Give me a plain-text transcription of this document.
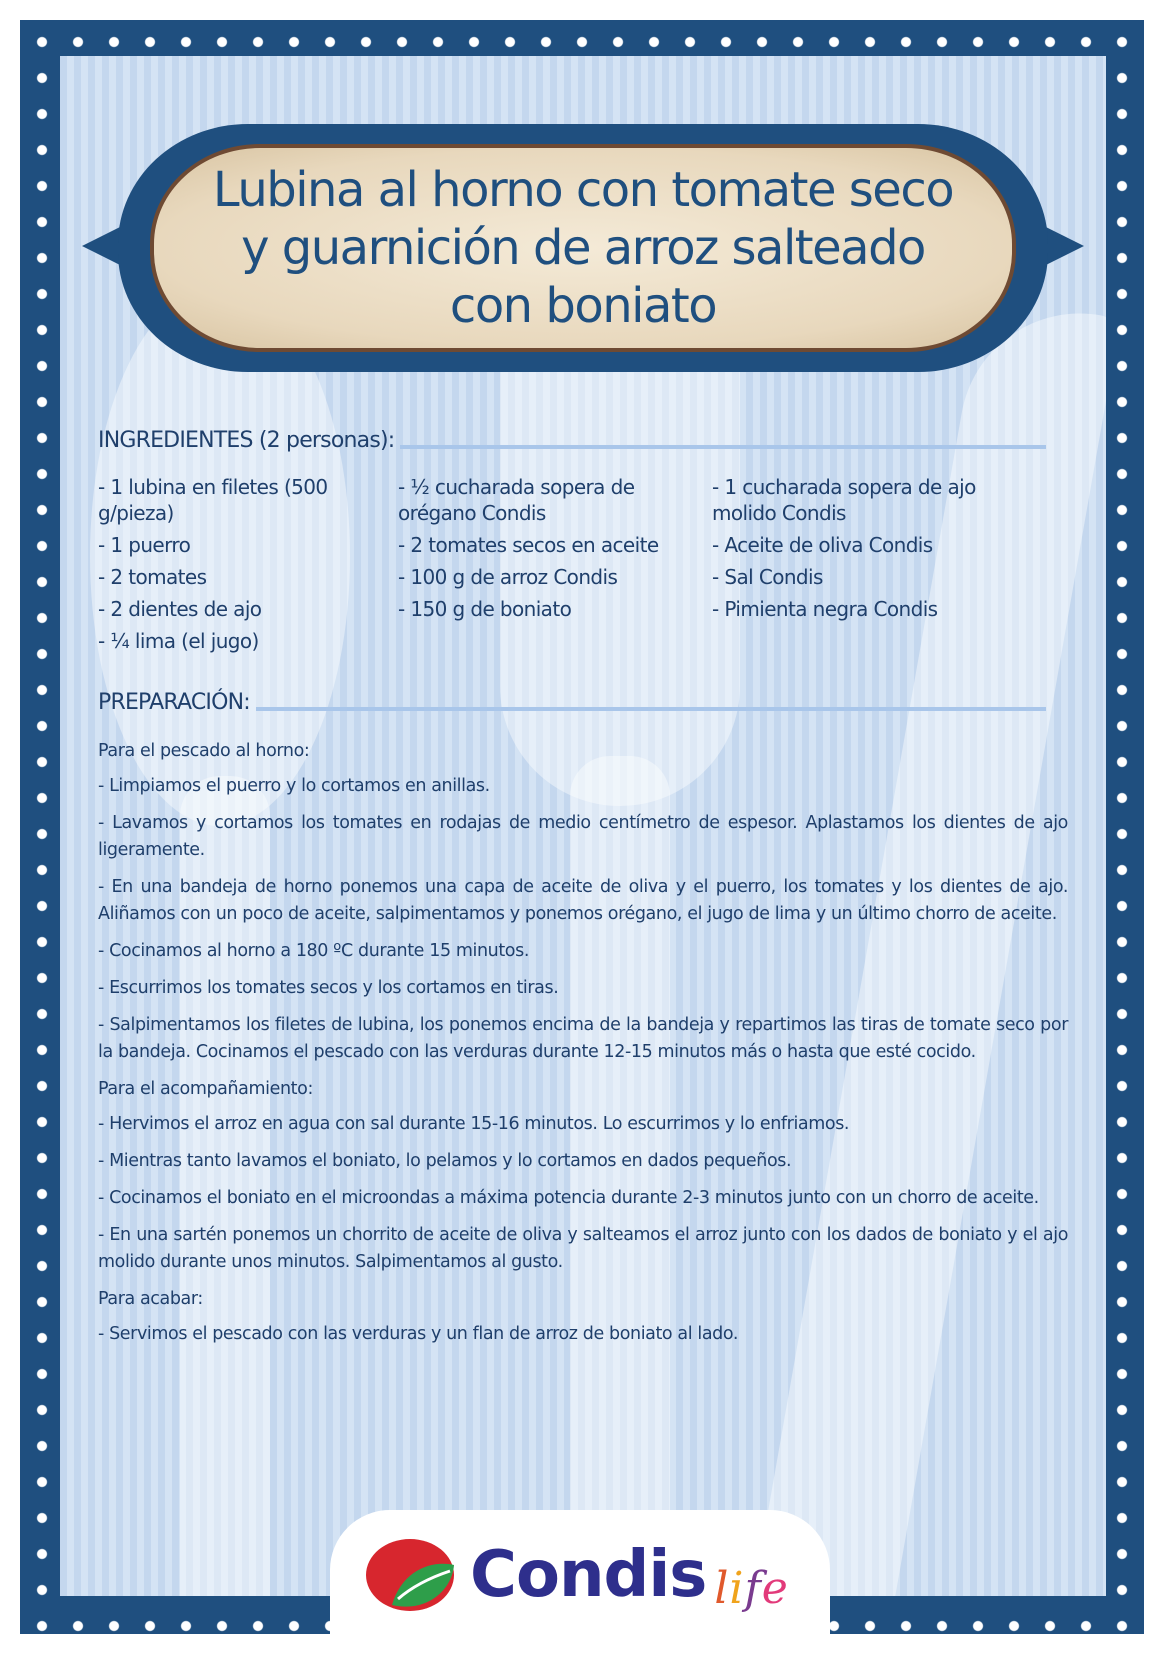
Lubina al horno con tomate seco y guarnición de arroz salteado con boniato
INGREDIENTES (2 personas):
- 1 lubina en filetes (500 g/pieza)
- 1 puerro
- 2 tomates
- 2 dientes de ajo
- ¼ lima (el jugo)
- ½ cucharada sopera de orégano Condis
- 2 tomates secos en aceite
- 100 g de arroz Condis
- 150 g de boniato
- 1 cucharada sopera de ajo molido Condis
- Aceite de oliva Condis
- Sal Condis
- Pimienta negra Condis
PREPARACIÓN:

Para el pescado al horno:

- Limpiamos el puerro y lo cortamos en anillas.

- Lavamos y cortamos los tomates en rodajas de medio centímetro de espesor. Aplastamos los dientes de ajo ligeramente.

- En una bandeja de horno ponemos una capa de aceite de oliva y el puerro, los tomates y los dientes de ajo. Aliñamos con un poco de aceite, salpimentamos y ponemos orégano, el jugo de lima y un último chorro de aceite.

- Cocinamos al horno a 180 ºC durante 15 minutos.

- Escurrimos los tomates secos y los cortamos en tiras.

- Salpimentamos los filetes de lubina, los ponemos encima de la bandeja y repartimos las tiras de tomate seco por la bandeja. Cocinamos el pescado con las verduras durante 12-15 minutos más o hasta que esté cocido.

Para el acompañamiento:

- Hervimos el arroz en agua con sal durante 15-16 minutos. Lo escurrimos y lo enfriamos.

- Mientras tanto lavamos el boniato, lo pelamos y lo cortamos en dados pequeños.

- Cocinamos el boniato en el microondas a máxima potencia durante 2-3 minutos junto con un chorro de aceite.

- En una sartén ponemos un chorrito de aceite de oliva y salteamos el arroz junto con los dados de boniato y el ajo molido durante unos minutos. Salpimentamos al gusto.

Para acabar:

- Servimos el pescado con las verduras y un flan de arroz de boniato al lado.

Condis life
